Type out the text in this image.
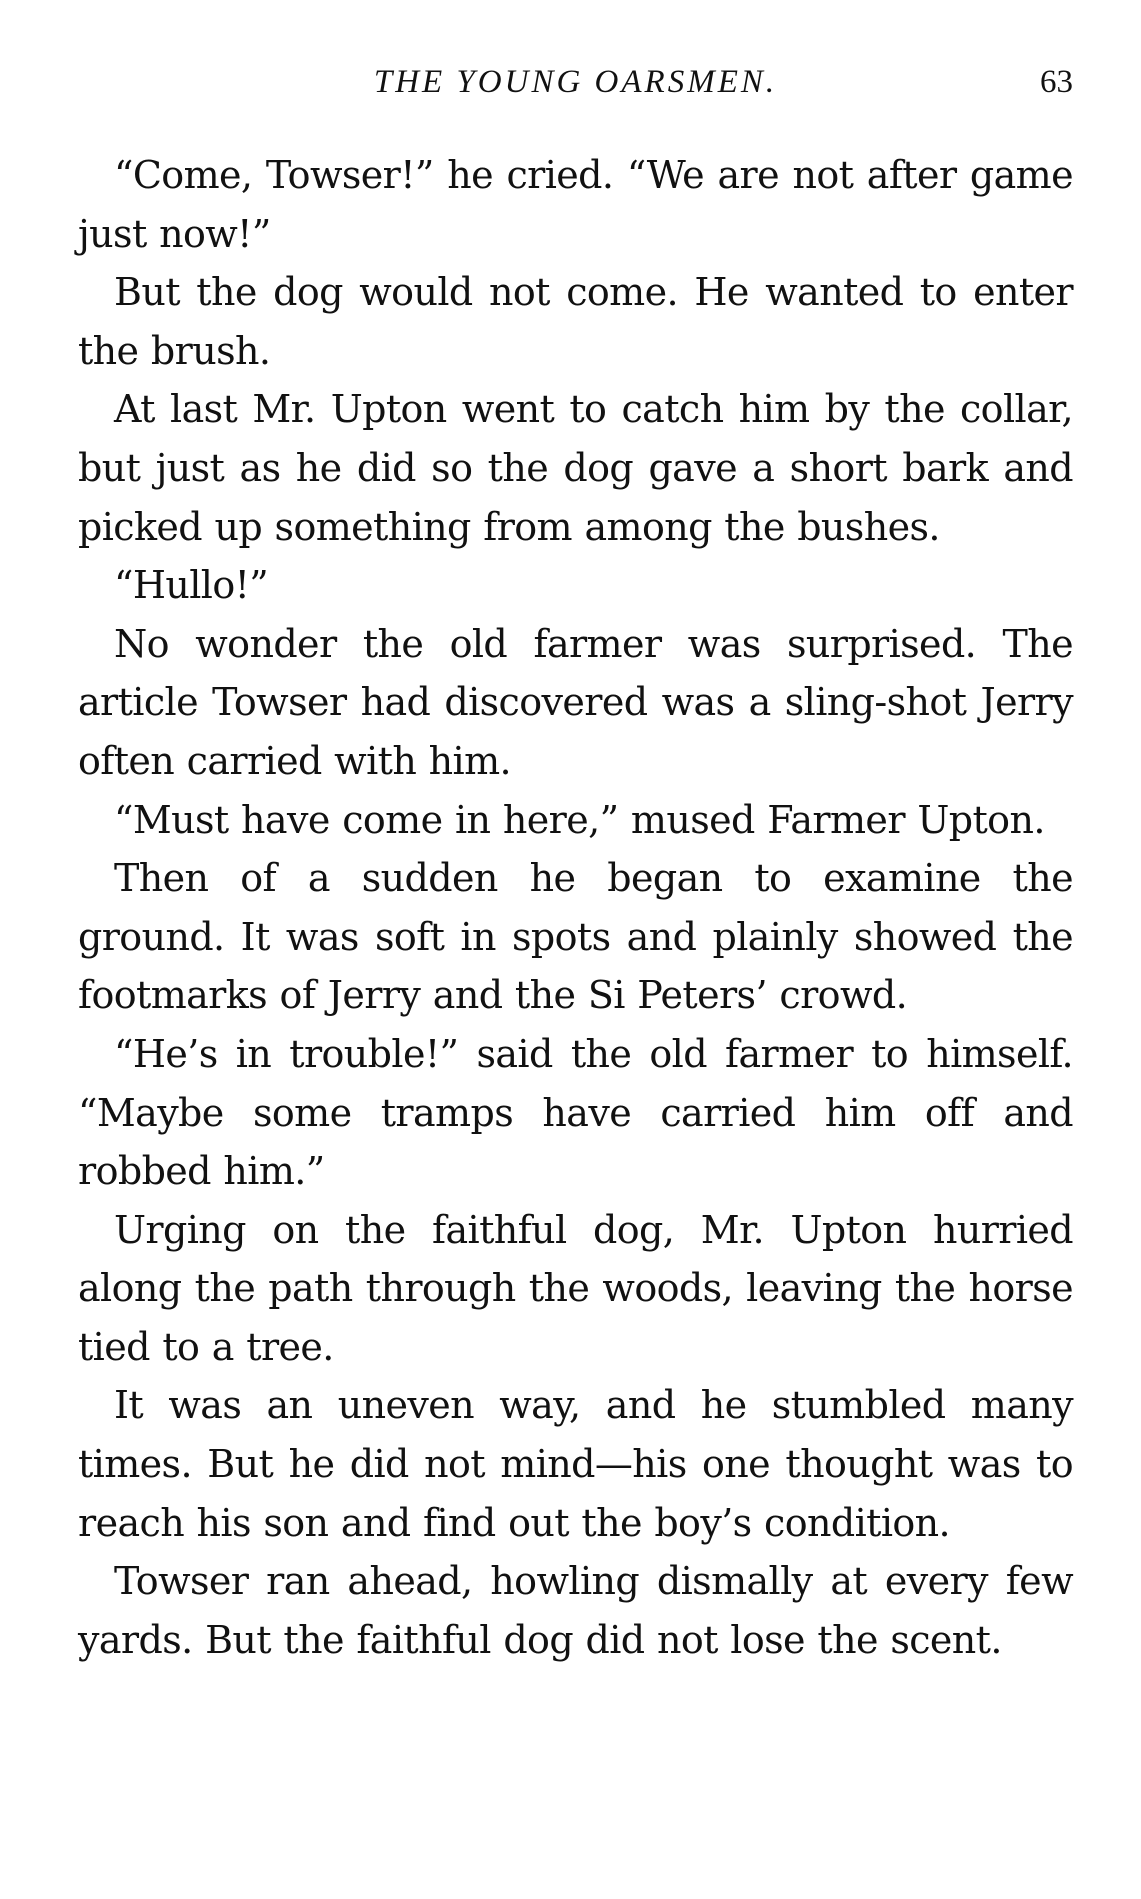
THE YOUNG OARSMEN.	63

“Come, Towser!” he cried. “We are not after game just now!”

But the dog would not come. He wanted to enter the brush.

At last Mr. Upton went to catch him by the collar, but just as he did so the dog gave a short bark and picked up something from among the bushes.

“Hullo!”

No wonder the old farmer was surprised. The article Towser had discovered was a sling-shot Jerry often carried with him.

“Must have come in here,” mused Farmer Upton.

Then of a sudden he began to examine the ground. It was soft in spots and plainly showed the footmarks of Jerry and the Si Peters’ crowd.

“He’s in trouble!” said the old farmer to himself. “Maybe some tramps have carried him off and robbed him.”

Urging on the faithful dog, Mr. Upton hurried along the path through the woods, leaving the horse tied to a tree.

It was an uneven way, and he stumbled many times. But he did not mind—his one thought was to reach his son and find out the boy’s condition.

Towser ran ahead, howling dismally at every few yards. But the faithful dog did not lose the scent.
